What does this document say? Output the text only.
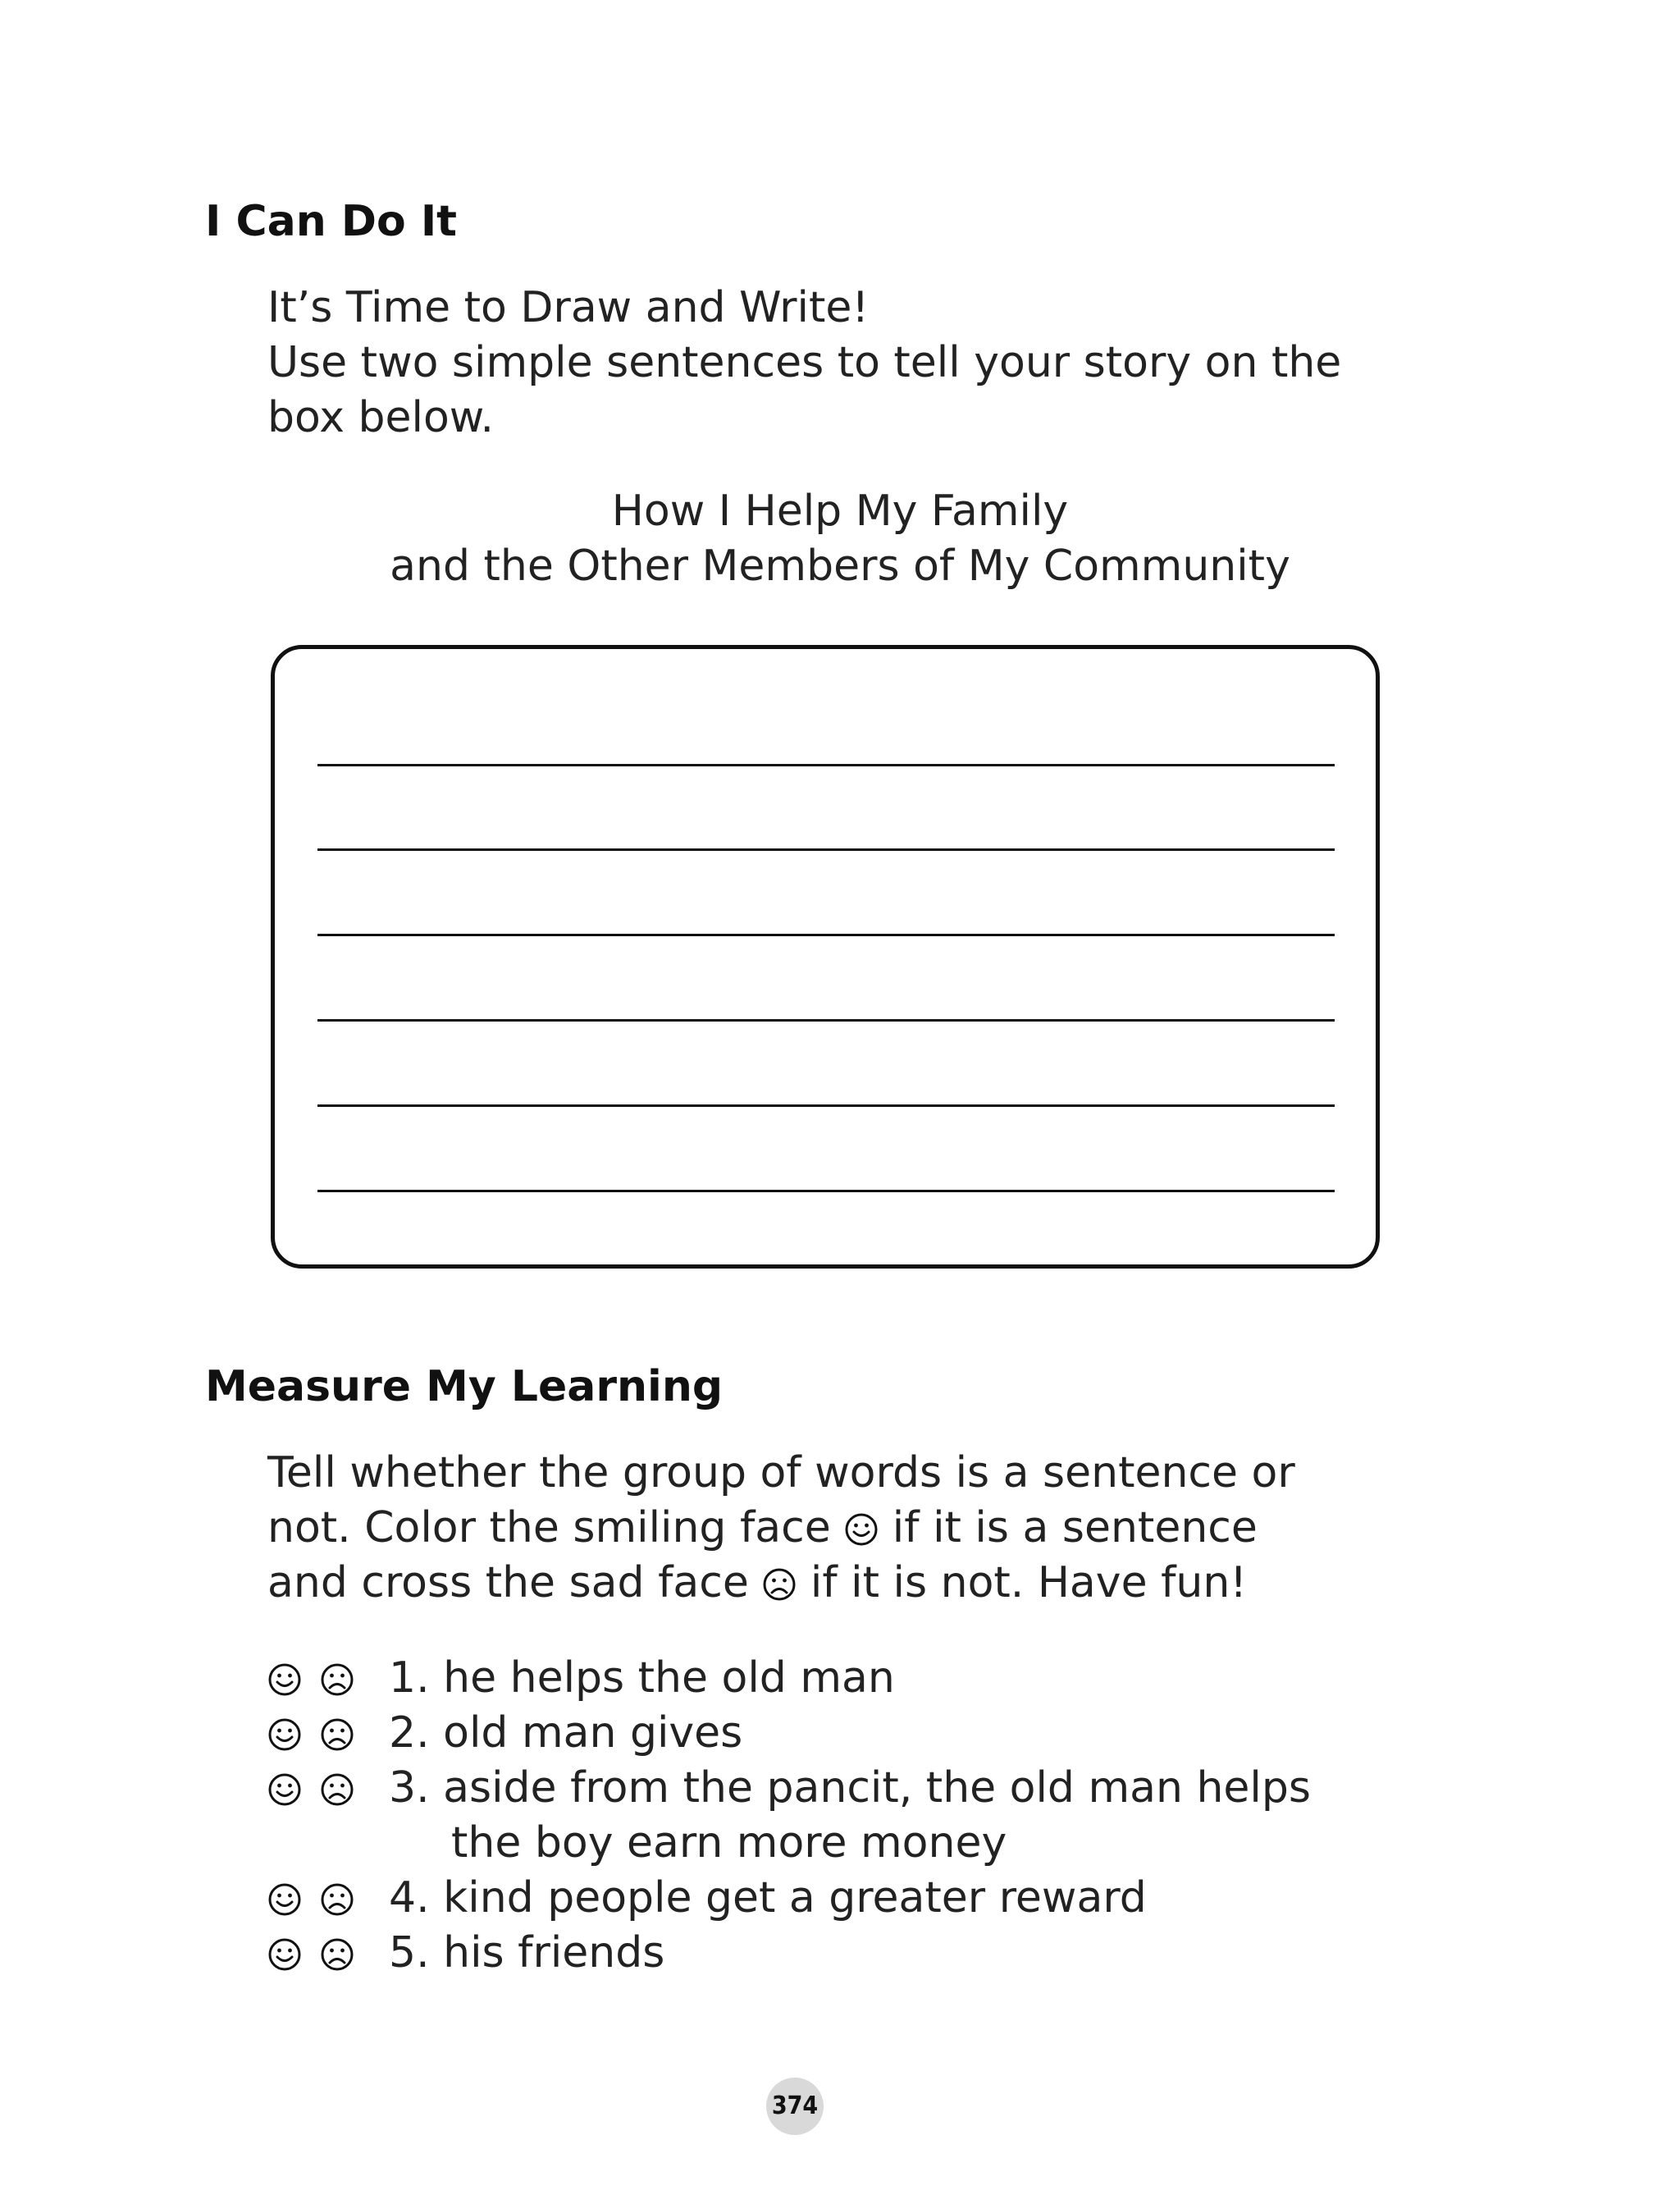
I Can Do It

It’s Time to Draw and Write!
Use two simple sentences to tell your story on the
box below.

How I Help My Family
and the Other Members of My Community
Measure My Learning

Tell whether the group of words is a sentence or
not. Color the smiling face if it is a sentence
and cross the sad face if it is not. Have fun!

1. he helps the old man
2. old man gives
3. aside from the pancit, the old man helps
the boy earn more money
4. kind people get a greater reward
5. his friends
374
